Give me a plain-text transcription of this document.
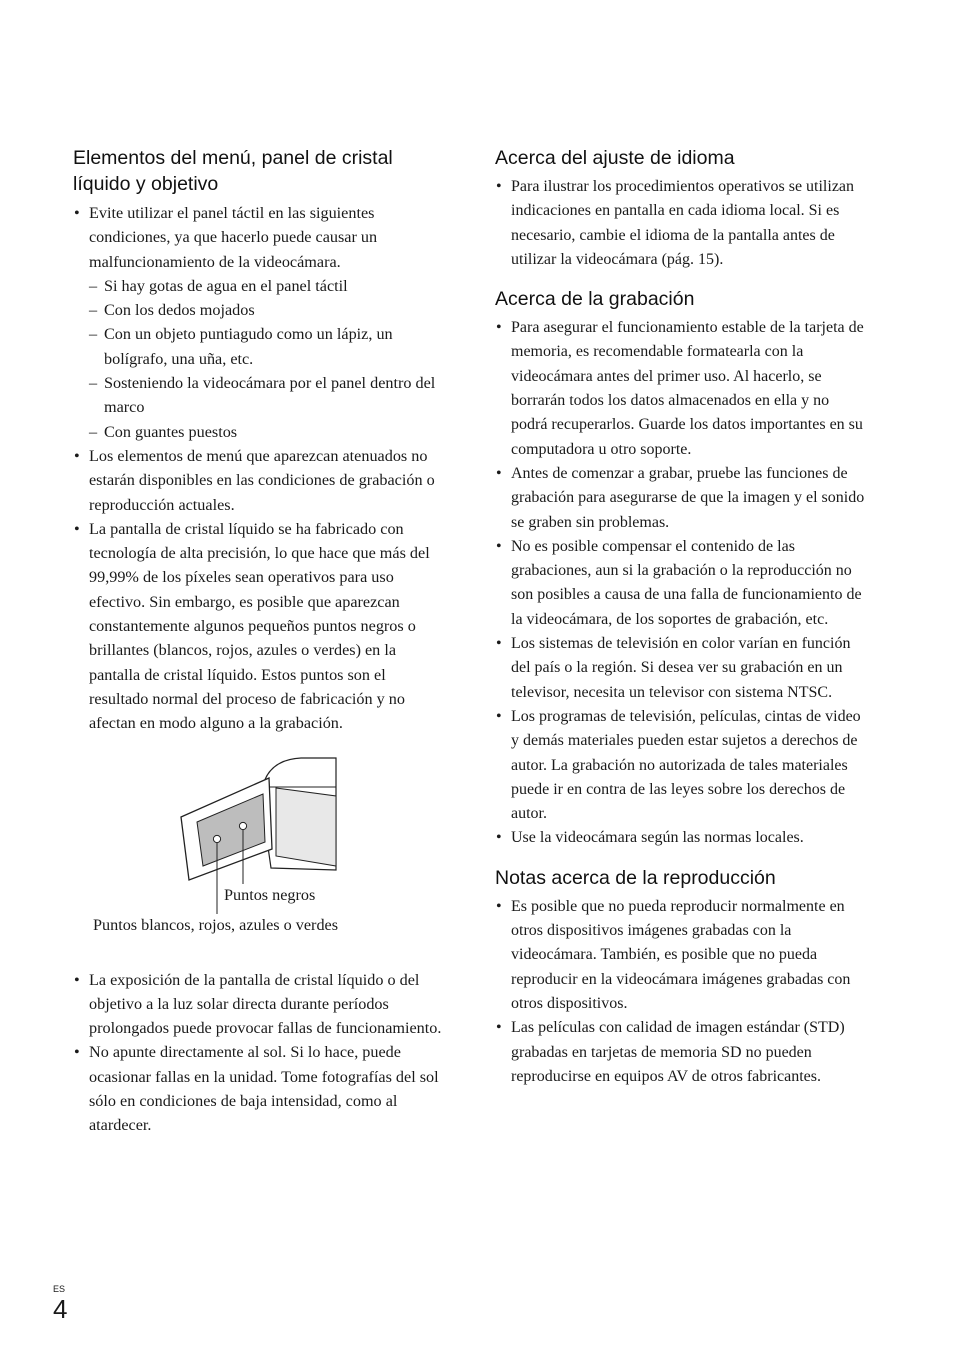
Elementos del menú, panel de cristal líquido y objetivo
• Evite utilizar el panel táctil en las siguientes condiciones, ya que hacerlo puede causar un malfuncionamiento de la videocámara.
– Si hay gotas de agua en el panel táctil
– Con los dedos mojados
– Con un objeto puntiagudo como un lápiz, un bolígrafo, una uña, etc.
– Sosteniendo la videocámara por el panel dentro del marco
– Con guantes puestos
• Los elementos de menú que aparezcan atenuados no estarán disponibles en las condiciones de grabación o reproducción actuales.
• La pantalla de cristal líquido se ha fabricado con tecnología de alta precisión, lo que hace que más del 99,99% de los píxeles sean operativos para uso efectivo. Sin embargo, es posible que aparezcan constantemente algunos pequeños puntos negros o brillantes (blancos, rojos, azules o verdes) en la pantalla de cristal líquido. Estos puntos son el resultado normal del proceso de fabricación y no afectan en modo alguno a la grabación.
Puntos negros
Puntos blancos, rojos, azules o verdes
• La exposición de la pantalla de cristal líquido o del objetivo a la luz solar directa durante períodos prolongados puede provocar fallas de funcionamiento.
• No apunte directamente al sol. Si lo hace, puede ocasionar fallas en la unidad. Tome fotografías del sol sólo en condiciones de baja intensidad, como al atardecer.
Acerca del ajuste de idioma
• Para ilustrar los procedimientos operativos se utilizan indicaciones en pantalla en cada idioma local. Si es necesario, cambie el idioma de la pantalla antes de utilizar la videocámara (pág. 15).
Acerca de la grabación
• Para asegurar el funcionamiento estable de la tarjeta de memoria, es recomendable formatearla con la videocámara antes del primer uso. Al hacerlo, se borrarán todos los datos almacenados en ella y no podrá recuperarlos. Guarde los datos importantes en su computadora u otro soporte.
• Antes de comenzar a grabar, pruebe las funciones de grabación para asegurarse de que la imagen y el sonido se graben sin problemas.
• No es posible compensar el contenido de las grabaciones, aun si la grabación o la reproducción no son posibles a causa de una falla de funcionamiento de la videocámara, de los soportes de grabación, etc.
• Los sistemas de televisión en color varían en función del país o la región. Si desea ver su grabación en un televisor, necesita un televisor con sistema NTSC.
• Los programas de televisión, películas, cintas de video y demás materiales pueden estar sujetos a derechos de autor. La grabación no autorizada de tales materiales puede ir en contra de las leyes sobre los derechos de autor.
• Use la videocámara según las normas locales.
Notas acerca de la reproducción
• Es posible que no pueda reproducir normalmente en otros dispositivos imágenes grabadas con la videocámara. También, es posible que no pueda reproducir en la videocámara imágenes grabadas con otros dispositivos.
• Las películas con calidad de imagen estándar (STD) grabadas en tarjetas de memoria SD no pueden reproducirse en equipos AV de otros fabricantes.
ES
4
